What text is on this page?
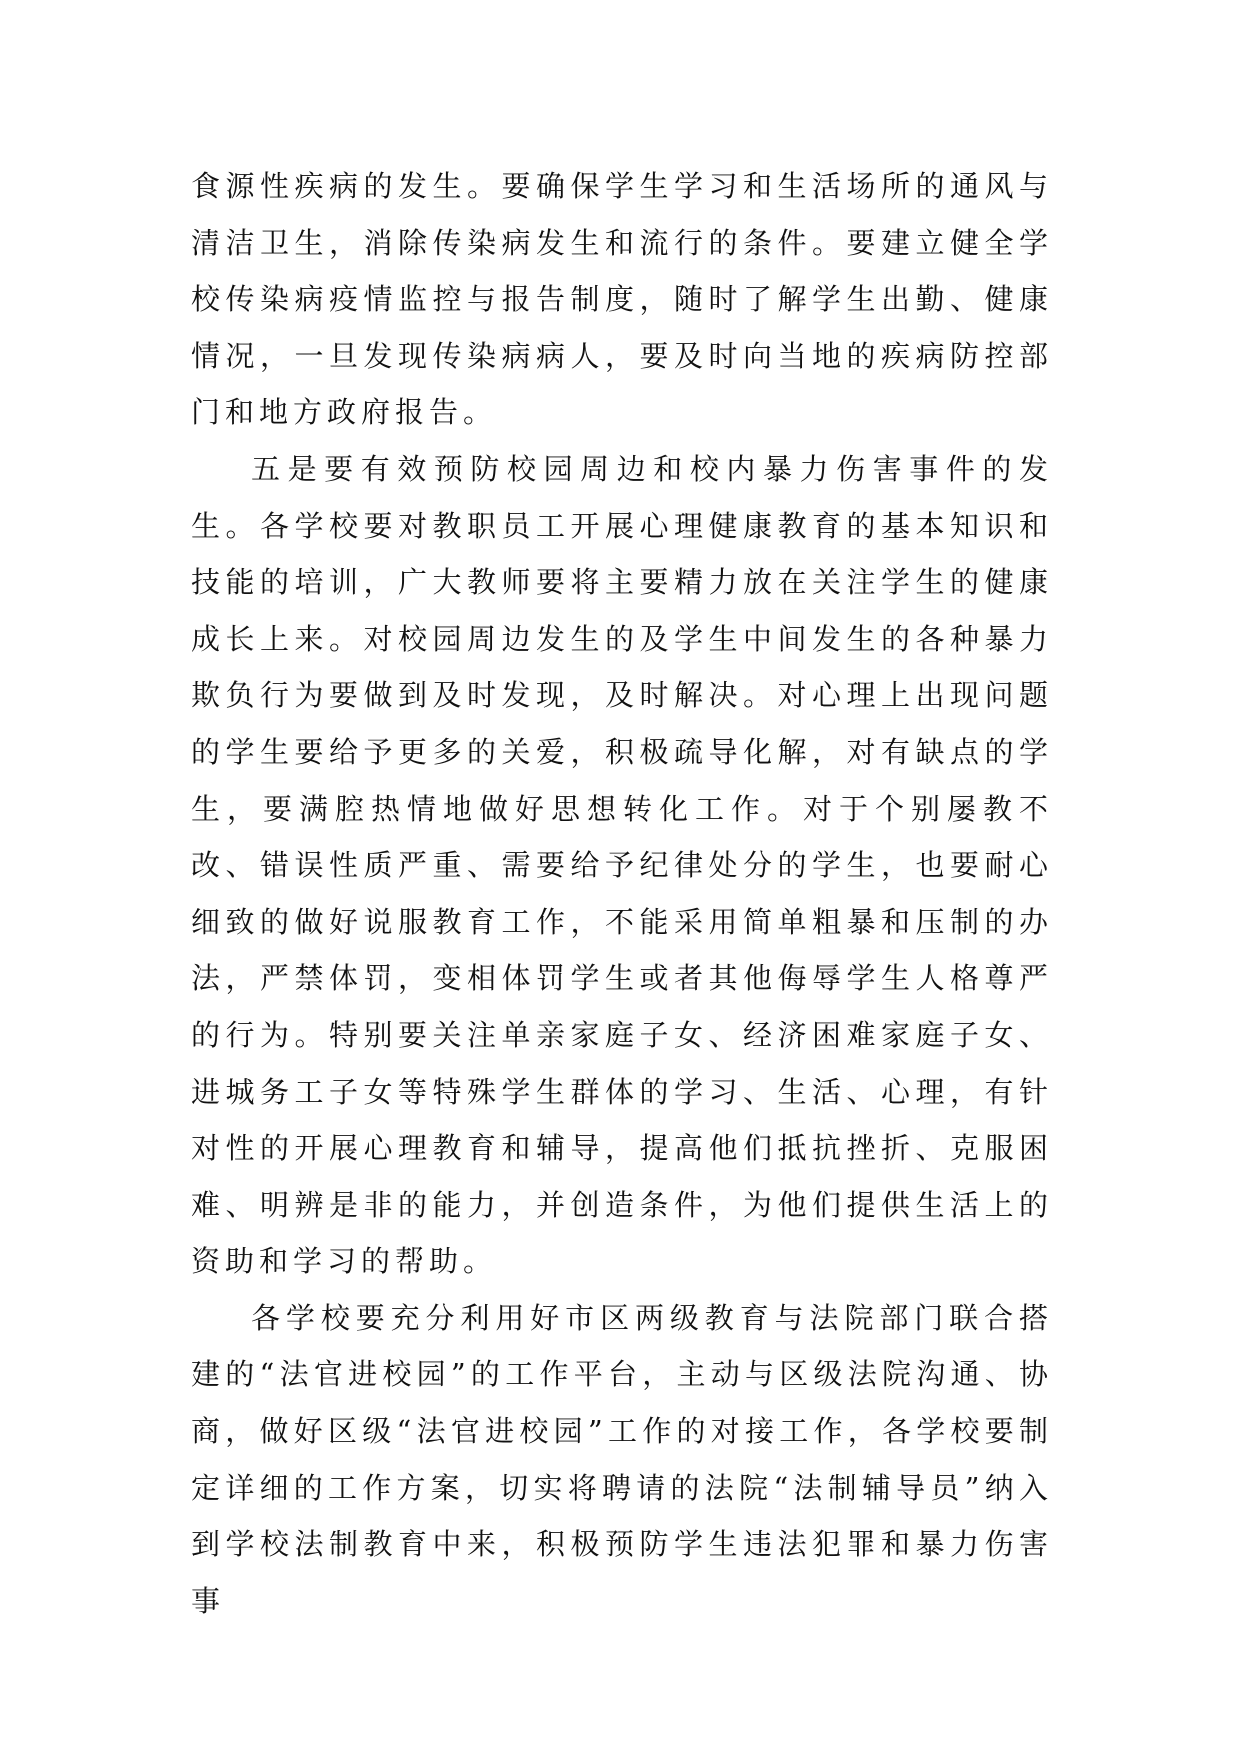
食源性疾病的发生。要确保学生学习和生活场所的通风与清洁卫生，消除传染病发生和流行的条件。要建立健全学校传染病疫情监控与报告制度，随时了解学生出勤、健康情况，一旦发现传染病病人，要及时向当地的疾病防控部门和地方政府报告。

五是要有效预防校园周边和校内暴力伤害事件的发生。各学校要对教职员工开展心理健康教育的基本知识和技能的培训，广大教师要将主要精力放在关注学生的健康成长上来。对校园周边发生的及学生中间发生的各种暴力欺负行为要做到及时发现，及时解决。对心理上出现问题的学生要给予更多的关爱，积极疏导化解，对有缺点的学生，要满腔热情地做好思想转化工作。对于个别屡教不改、错误性质严重、需要给予纪律处分的学生，也要耐心细致的做好说服教育工作，不能采用简单粗暴和压制的办法，严禁体罚，变相体罚学生或者其他侮辱学生人格尊严的行为。特别要关注单亲家庭子女、经济困难家庭子女、进城务工子女等特殊学生群体的学习、生活、心理，有针对性的开展心理教育和辅导，提高他们抵抗挫折、克服困难、明辨是非的能力，并创造条件，为他们提供生活上的资助和学习的帮助。

各学校要充分利用好市区两级教育与法院部门联合搭建的“法官进校园”的工作平台，主动与区级法院沟通、协商，做好区级“法官进校园”工作的对接工作，各学校要制定详细的工作方案，切实将聘请的法院“法制辅导员”纳入到学校法制教育中来，积极预防学生违法犯罪和暴力伤害事
